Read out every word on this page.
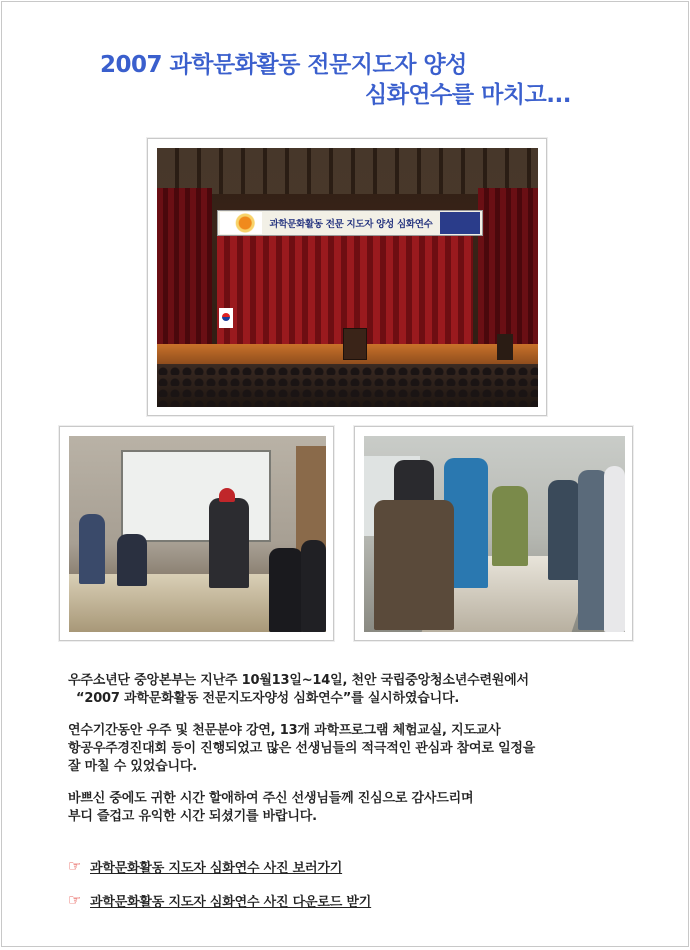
2007 과학문화활동 전문지도자 양성
심화연수를 마치고...
과학문화활동 전문 지도자 양성 심화연수
우주소년단 중앙본부는 지난주 10월13일~14일, 천안 국립중앙청소년수련원에서
“2007 과학문화활동 전문지도자양성 심화연수”를 실시하였습니다.
연수기간동안 우주 및 천문분야 강연, 13개 과학프로그램 체험교실, 지도교사
항공우주경진대회 등이 진행되었고 많은 선생님들의 적극적인 관심과 참여로 일정을
잘 마칠 수 있었습니다.
바쁘신 중에도 귀한 시간 할애하여 주신 선생님들께 진심으로 감사드리며
부디 즐겁고 유익한 시간 되셨기를 바랍니다.
☞ 과학문화활동 지도자 심화연수 사진 보러가기
☞ 과학문화활동 지도자 심화연수 사진 다운로드 받기
